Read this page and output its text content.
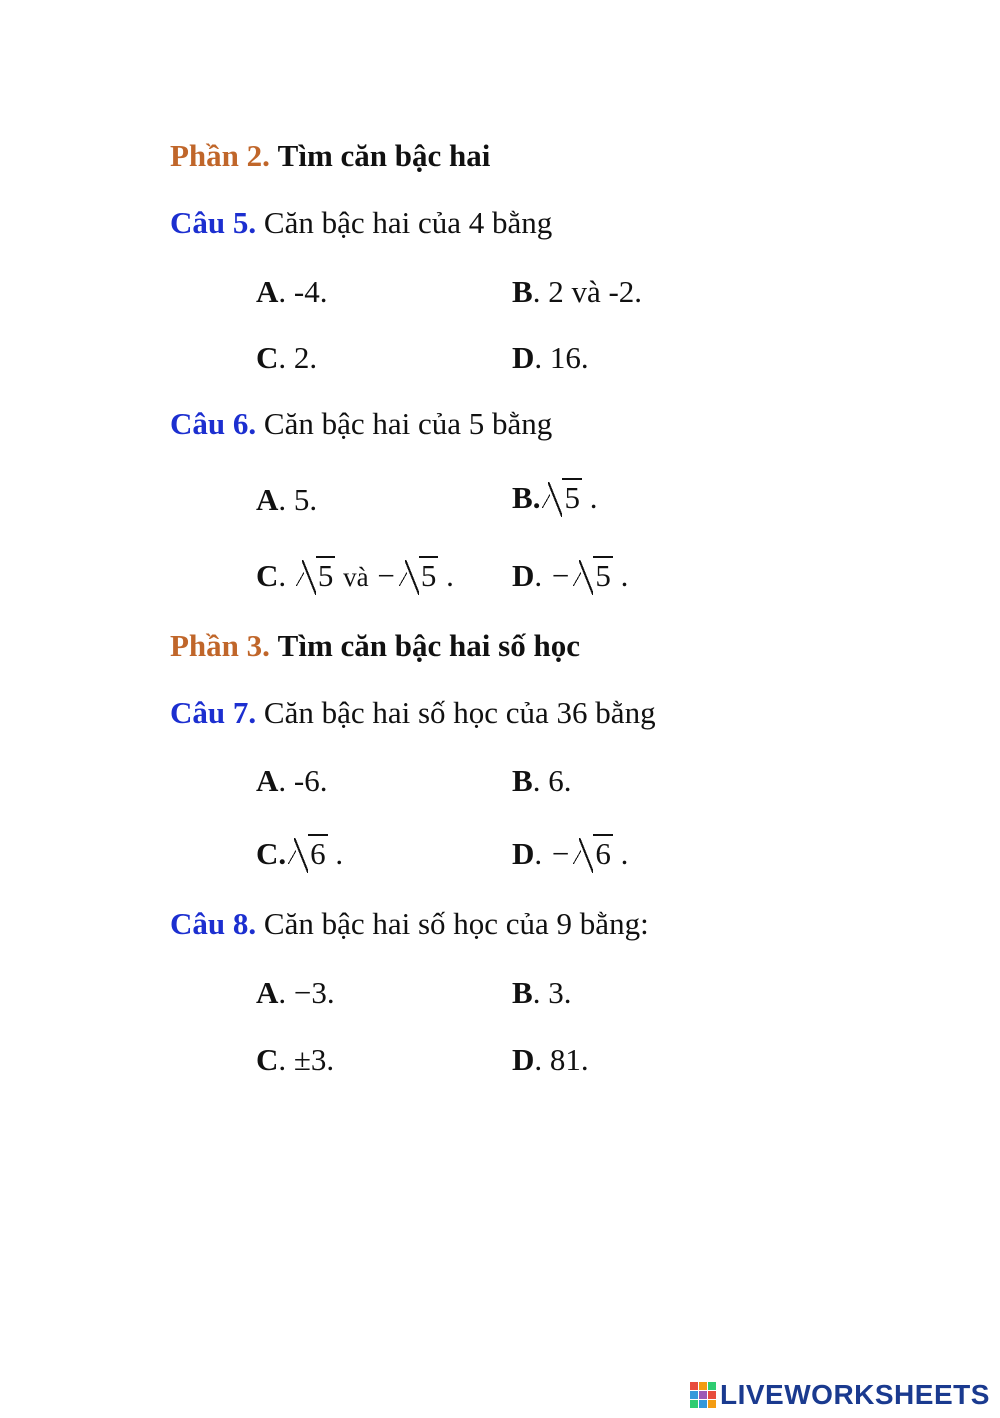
Phần 2. Tìm căn bậc hai
Câu 5. Căn bậc hai của 4 bằng
A. -4.	B. 2 và -2.
C. 2.	D. 16.
Câu 6. Căn bậc hai của 5 bằng
A. 5.	B. 5 .
C. 5 và − 5 . D. − 5 .
Phần 3. Tìm căn bậc hai số học
Câu 7. Căn bậc hai số học của 36 bằng
A. -6.	B. 6.
C. 6 .	D. − 6 .
Câu 8. Căn bậc hai số học của 9 bằng:
A. −3.	B. 3.
C. ±3.	D. 81.
LIVEWORKSHEETS
